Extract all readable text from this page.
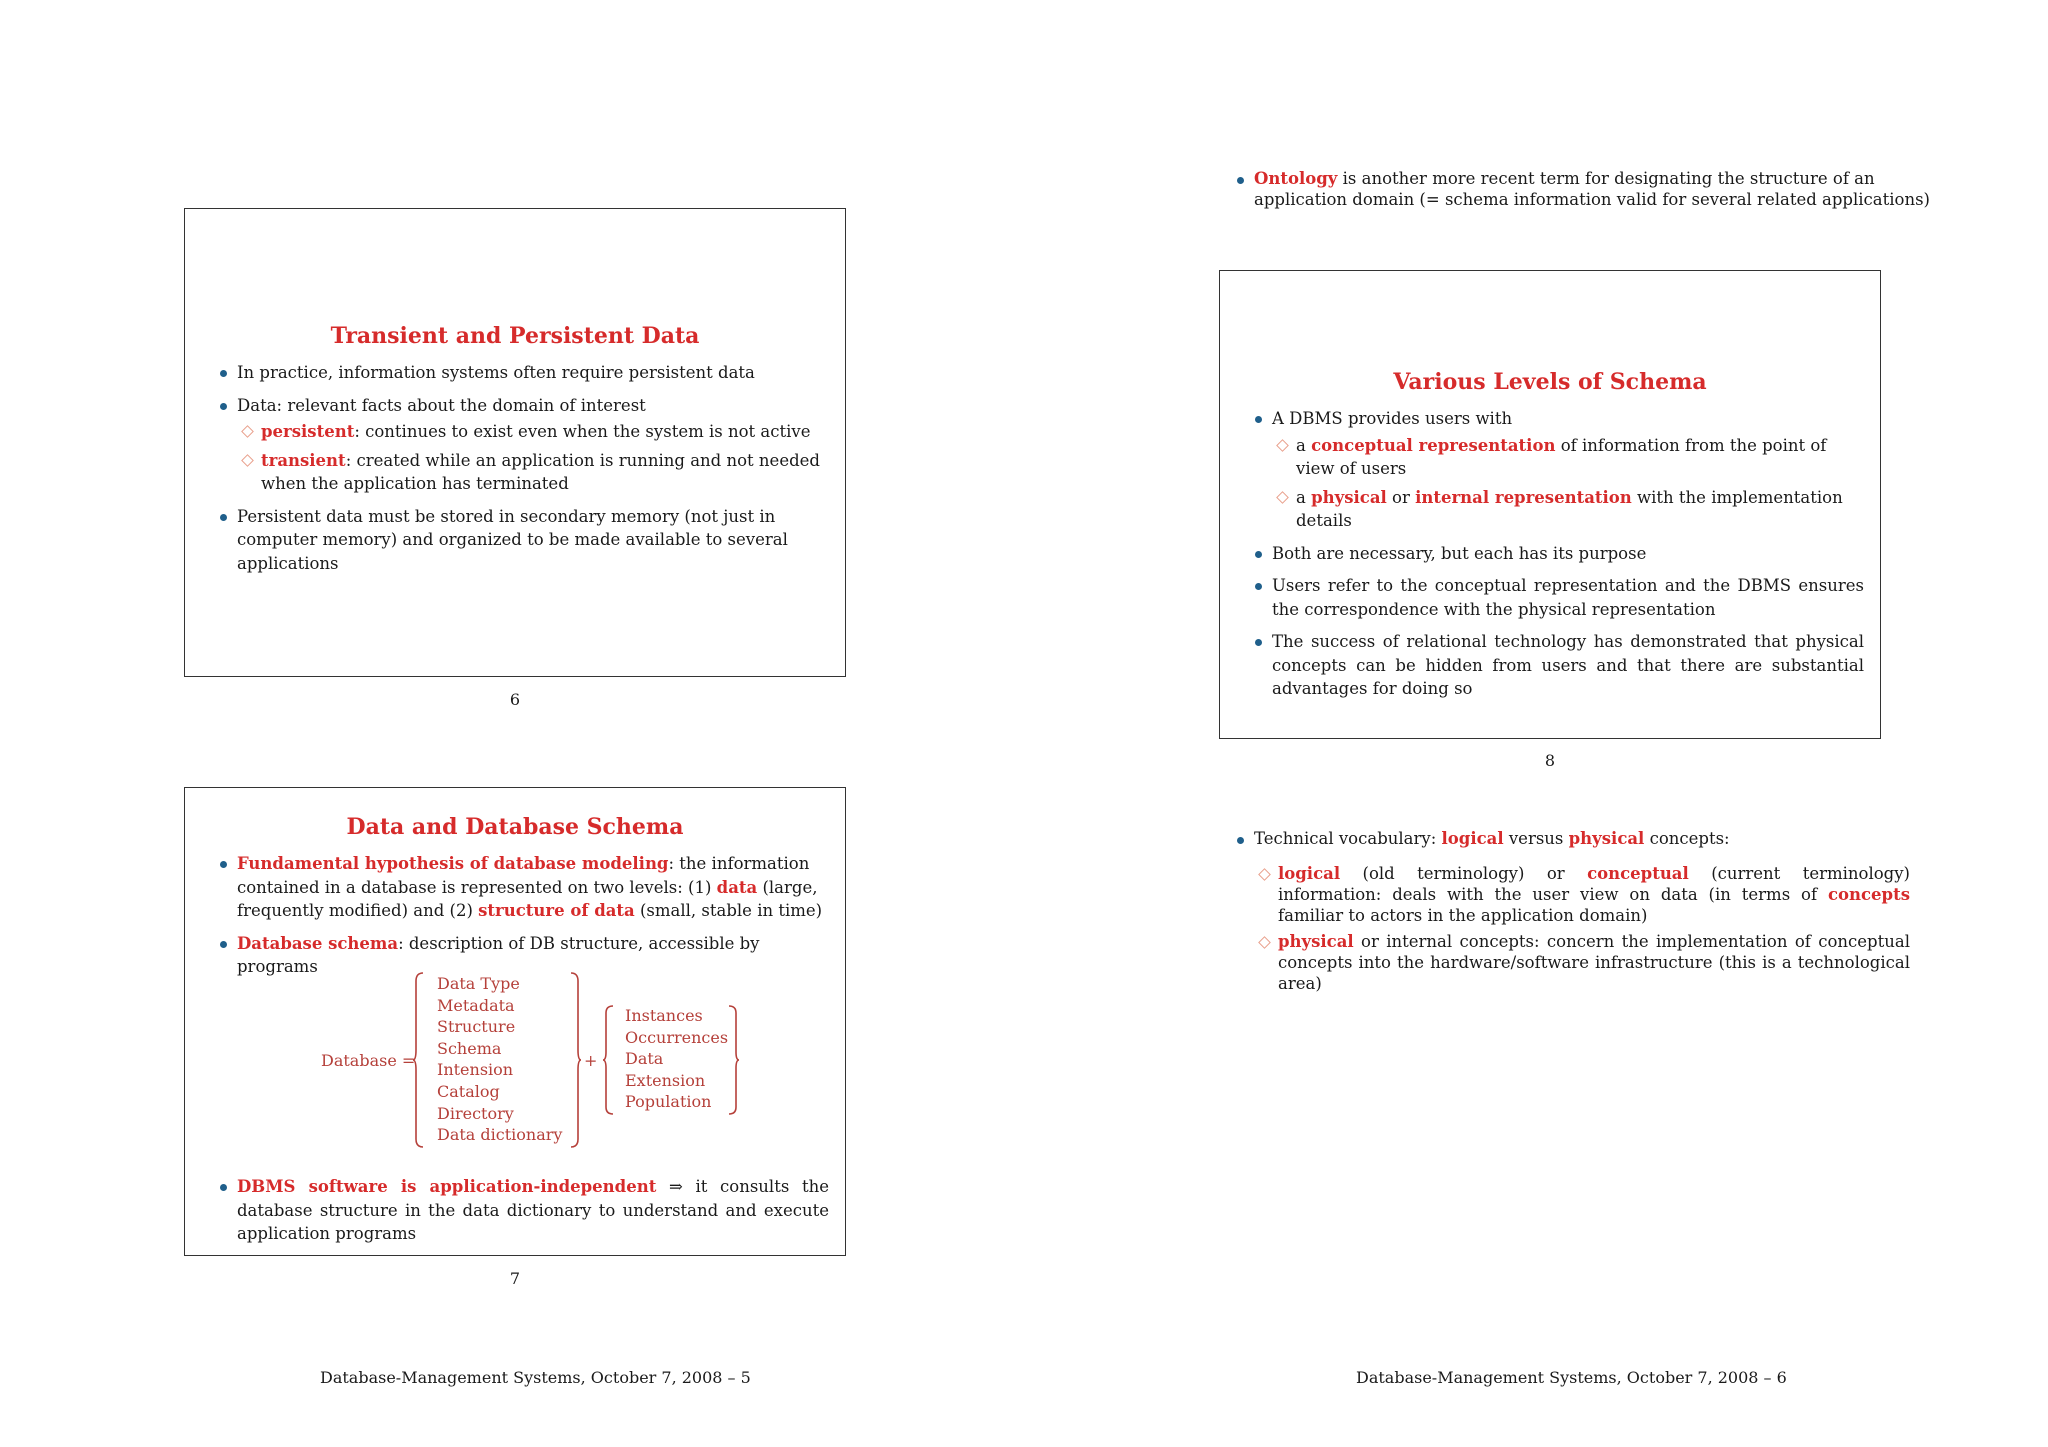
Transient and Persistent Data
In practice, information systems often require persistent data
Data: relevant facts about the domain of interest
persistent: continues to exist even when the system is not active
transient: created while an application is running and not needed when the application has terminated
Persistent data must be stored in secondary memory (not just in computer memory) and organized to be made available to several applications
6
Data and Database Schema
Fundamental hypothesis of database modeling: the information contained in a database is represented on two levels: (1) data (large, frequently modified) and (2) structure of data (small, stable in time)
Database schema: description of DB structure, accessible by programs
Database =
Data Type
Metadata
Structure
Schema
Intension
Catalog
Directory
Data dictionary
+
Instances
Occurrences
Data
Extension
Population
DBMS software is application-independent ⇒ it consults the database structure in the data dictionary to understand and execute application programs
7
Database-Management Systems, October 7, 2008 – 5
Ontology is another more recent term for designating the structure of an application domain (= schema information valid for several related applications)
Various Levels of Schema
A DBMS provides users with
a conceptual representation of information from the point of view of users
a physical or internal representation with the implementation details
Both are necessary, but each has its purpose
Users refer to the conceptual representation and the DBMS ensures the correspondence with the physical representation
The success of relational technology has demonstrated that physical concepts can be hidden from users and that there are substantial advantages for doing so
8
Technical vocabulary: logical versus physical concepts:
logical (old terminology) or conceptual (current terminology) information: deals with the user view on data (in terms of concepts familiar to actors in the application domain)
physical or internal concepts: concern the implementation of conceptual concepts into the hardware/software infrastructure (this is a technological area)
Database-Management Systems, October 7, 2008 – 6
